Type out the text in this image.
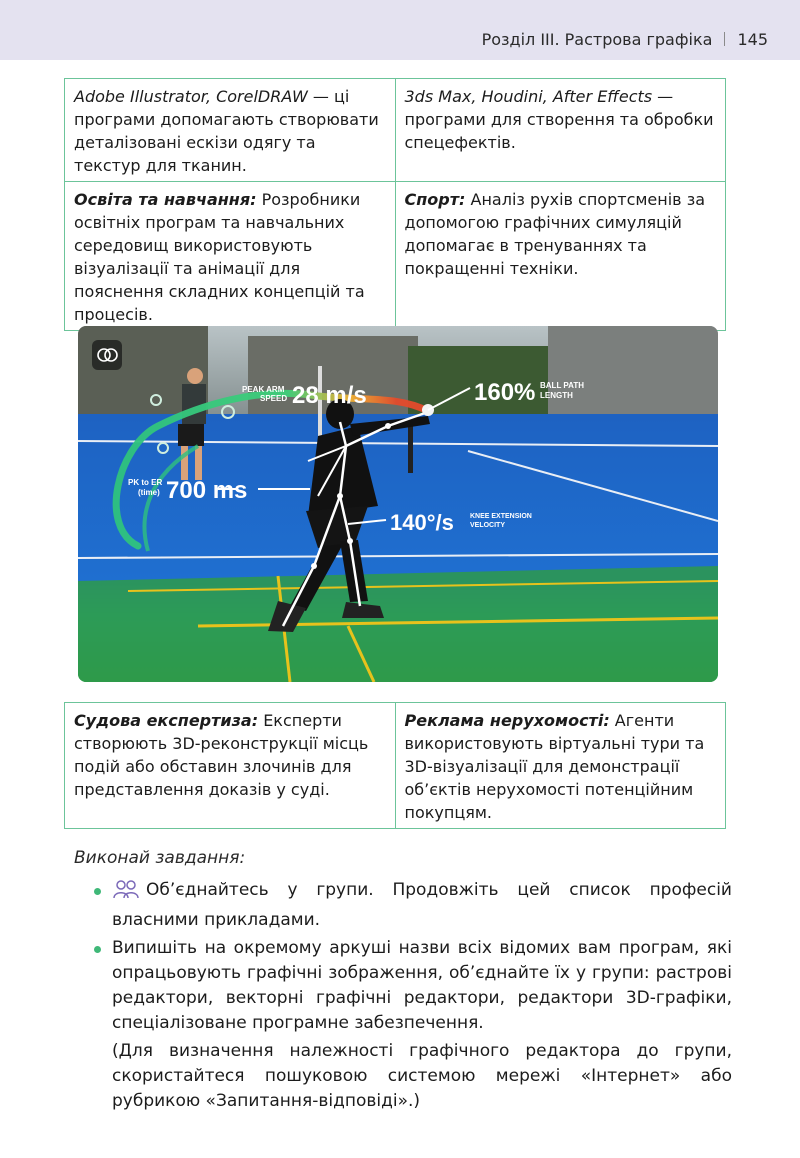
Розділ ІІІ. Растрова графіка 145
Adobe Illustrator, CorelDRAW — ці програми допомагають створювати деталізовані ескізи одягу та текстур для тканин.	3ds Max, Houdini, After Effects — програми для створення та обробки спецефектів.
Освіта та навчання: Розробники освітніх програм та навчальних середовищ використовують візуалізації та анімації для пояснення складних концепцій та процесів.	Спорт: Аналіз рухів спортсменів за допомогою графічних симуляцій допомагає в тренуваннях та покращенні техніки.
PEAK ARM
SPEED 28 m/s	160% BALL PATH
LENGTH
PK to ER
(time) 700 ms
140°/s KNEE EXTENSION
VELOCITY
Судова експертиза: Експерти створюють 3D-реконструкції місць подій або обставин злочинів для представлення доказів у суді.	Реклама нерухомості: Агенти використовують віртуальні тури та 3D-візуалізації для демонстрації об’єктів нерухомості потенційним покупцям.
Виконай завдання:
Об’єднайтесь у групи. Продовжіть цей список професій власними прикладами.
Випишіть на окремому аркуші назви всіх відомих вам програм, які опрацьовують графічні зображення, об’єднайте їх у групи: растрові редактори, векторні графічні редактори, редактори 3D-графіки, спеціалізоване програмне забезпечення.
(Для визначення належності графічного редактора до групи, скористайтеся пошуковою системою мережі «Інтернет» або рубрикою «Запитання-відповіді».)
